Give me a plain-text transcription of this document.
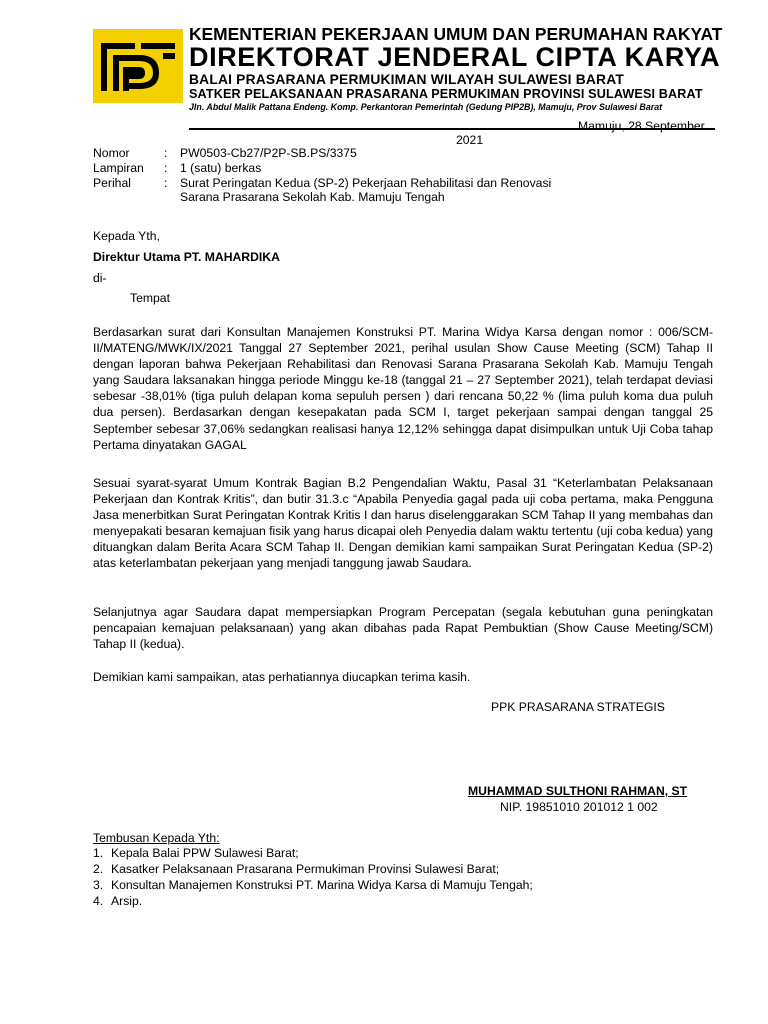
KEMENTERIAN PEKERJAAN UMUM DAN PERUMAHAN RAKYAT
DIREKTORAT JENDERAL CIPTA KARYA
BALAI PRASARANA PERMUKIMAN WILAYAH SULAWESI BARAT
SATKER PELAKSANAAN PRASARANA PERMUKIMAN PROVINSI SULAWESI BARAT
Jln. Abdul Malik Pattana Endeng. Komp. Perkantoran Pemerintah (Gedung PIP2B), Mamuju, Prov Sulawesi Barat
Mamuju, 28 September
2021
Nomor	: PW0503-Cb27/P2P-SB.PS/3375
Lampiran : 1 (satu) berkas
Perihal	: Surat Peringatan Kedua (SP-2) Pekerjaan Rehabilitasi dan Renovasi
Sarana Prasarana Sekolah Kab. Mamuju Tengah
Kepada Yth,
Direktur Utama PT. MAHARDIKA
di-
Tempat
Berdasarkan surat dari Konsultan Manajemen Konstruksi PT. Marina Widya Karsa dengan nomor : 006/SCM-II/MATENG/MWK/IX/2021 Tanggal 27 September 2021, perihal usulan Show Cause Meeting (SCM) Tahap II dengan laporan bahwa Pekerjaan Rehabilitasi dan Renovasi Sarana Prasarana Sekolah Kab. Mamuju Tengah yang Saudara laksanakan hingga periode Minggu ke-18 (tanggal 21 – 27 September 2021), telah terdapat deviasi sebesar -38,01% (tiga puluh delapan koma sepuluh persen ) dari rencana 50,22 % (lima puluh koma dua puluh dua persen). Berdasarkan dengan kesepakatan pada SCM I, target pekerjaan sampai dengan tanggal 25 September sebesar 37,06% sedangkan realisasi hanya 12,12% sehingga dapat disimpulkan untuk Uji Coba tahap Pertama dinyatakan GAGAL
Sesuai syarat-syarat Umum Kontrak Bagian B.2 Pengendalian Waktu, Pasal 31 “Keterlambatan Pelaksanaan Pekerjaan dan Kontrak Kritis”, dan butir 31.3.c “Apabila Penyedia gagal pada uji coba pertama, maka Pengguna Jasa menerbitkan Surat Peringatan Kontrak Kritis I dan harus diselenggarakan SCM Tahap II yang membahas dan menyepakati besaran kemajuan fisik yang harus dicapai oleh Penyedia dalam waktu tertentu (uji coba kedua) yang dituangkan dalam Berita Acara SCM Tahap II. Dengan demikian kami sampaikan Surat Peringatan Kedua (SP-2) atas keterlambatan pekerjaan yang menjadi tanggung jawab Saudara.
Selanjutnya agar Saudara dapat mempersiapkan Program Percepatan (segala kebutuhan guna peningkatan pencapaian kemajuan pelaksanaan) yang akan dibahas pada Rapat Pembuktian (Show Cause Meeting/SCM) Tahap II (kedua).
Demikian kami sampaikan, atas perhatiannya diucapkan terima kasih.
PPK PRASARANA STRATEGIS
MUHAMMAD SULTHONI RAHMAN, ST
NIP. 19851010 201012 1 002
Tembusan Kepada Yth:
1. Kepala Balai PPW Sulawesi Barat;
2. Kasatker Pelaksanaan Prasarana Permukiman Provinsi Sulawesi Barat;
3. Konsultan Manajemen Konstruksi PT. Marina Widya Karsa di Mamuju Tengah;
4. Arsip.
